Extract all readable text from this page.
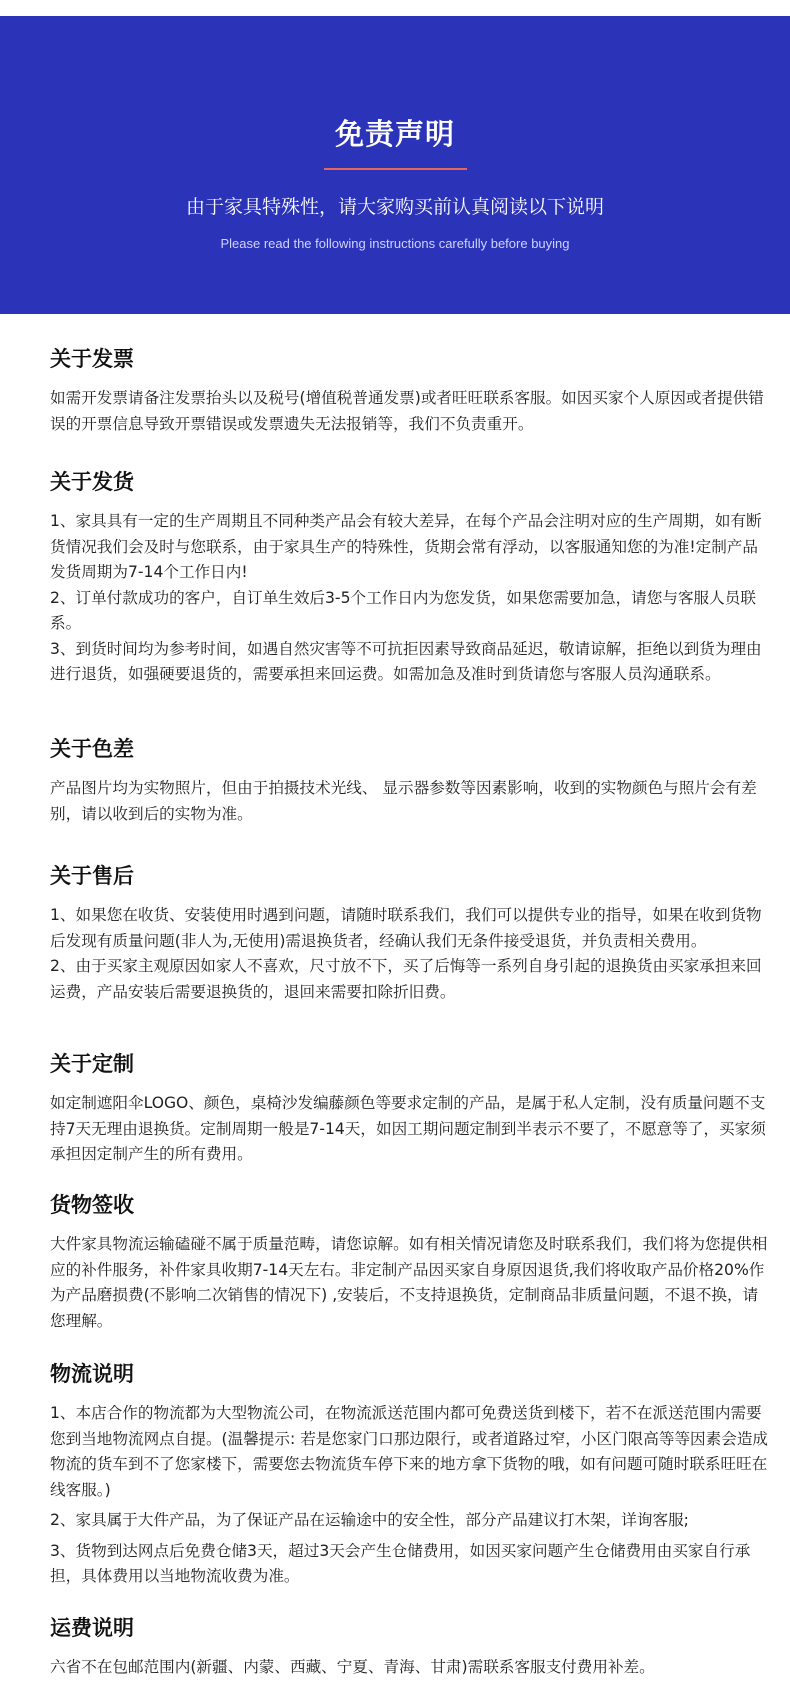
免责声明
由于家具特殊性，请大家购买前认真阅读以下说明
Please read the following instructions carefully before buying
关于发票

如需开发票请备注发票抬头以及税号(增值税普通发票)或者旺旺联系客服。如因买家个人原因或者提供错误的开票信息导致开票错误或发票遗失无法报销等，我们不负责重开。

关于发货

1、家具具有一定的生产周期且不同种类产品会有较大差异，在每个产品会注明对应的生产周期，如有断货情况我们会及时与您联系，由于家具生产的特殊性，货期会常有浮动，以客服通知您的为准!定制产品发货周期为7-14个工作日内!

2、订单付款成功的客户，自订单生效后3-5个工作日内为您发货，如果您需要加急，请您与客服人员联系。

3、到货时间均为参考时间，如遇自然灾害等不可抗拒因素导致商品延迟，敬请谅解，拒绝以到货为理由进行退货，如强硬要退货的，需要承担来回运费。如需加急及准时到货请您与客服人员沟通联系。

关于色差

产品图片均为实物照片，但由于拍摄技术光线、 显示器参数等因素影响，收到的实物颜色与照片会有差别，请以收到后的实物为准。

关于售后

1、如果您在收货、安装使用时遇到问题，请随时联系我们，我们可以提供专业的指导，如果在收到货物后发现有质量问题(非人为,无使用)需退换货者，经确认我们无条件接受退货，并负责相关费用。

2、由于买家主观原因如家人不喜欢，尺寸放不下，买了后悔等一系列自身引起的退换货由买家承担来回运费，产品安装后需要退换货的，退回来需要扣除折旧费。

关于定制

如定制遮阳伞LOGO、颜色，桌椅沙发编藤颜色等要求定制的产品，是属于私人定制，没有质量问题不支持7天无理由退换货。定制周期一般是7-14天，如因工期问题定制到半表示不要了，不愿意等了，买家须承担因定制产生的所有费用。

货物签收

大件家具物流运输磕碰不属于质量范畴，请您谅解。如有相关情况请您及时联系我们，我们将为您提供相应的补件服务，补件家具收期7-14天左右。非定制产品因买家自身原因退货,我们将收取产品价格20%作为产品磨损费(不影响二次销售的情况下) ,安装后，不支持退换货，定制商品非质量问题，不退不换，请您理解。

物流说明

1、本店合作的物流都为大型物流公司，在物流派送范围内都可免费送货到楼下，若不在派送范围内需要您到当地物流网点自提。(温馨提示: 若是您家门口那边限行，或者道路过窄，小区门限高等等因素会造成物流的货车到不了您家楼下，需要您去物流货车停下来的地方拿下货物的哦，如有问题可随时联系旺旺在线客服。)

2、家具属于大件产品，为了保证产品在运输途中的安全性，部分产品建议打木架，详询客服;

3、货物到达网点后免费仓储3天，超过3天会产生仓储费用，如因买家问题产生仓储费用由买家自行承担，具体费用以当地物流收费为准。

运费说明

六省不在包邮范围内(新疆、内蒙、西藏、宁夏、青海、甘肃)需联系客服支付费用补差。
